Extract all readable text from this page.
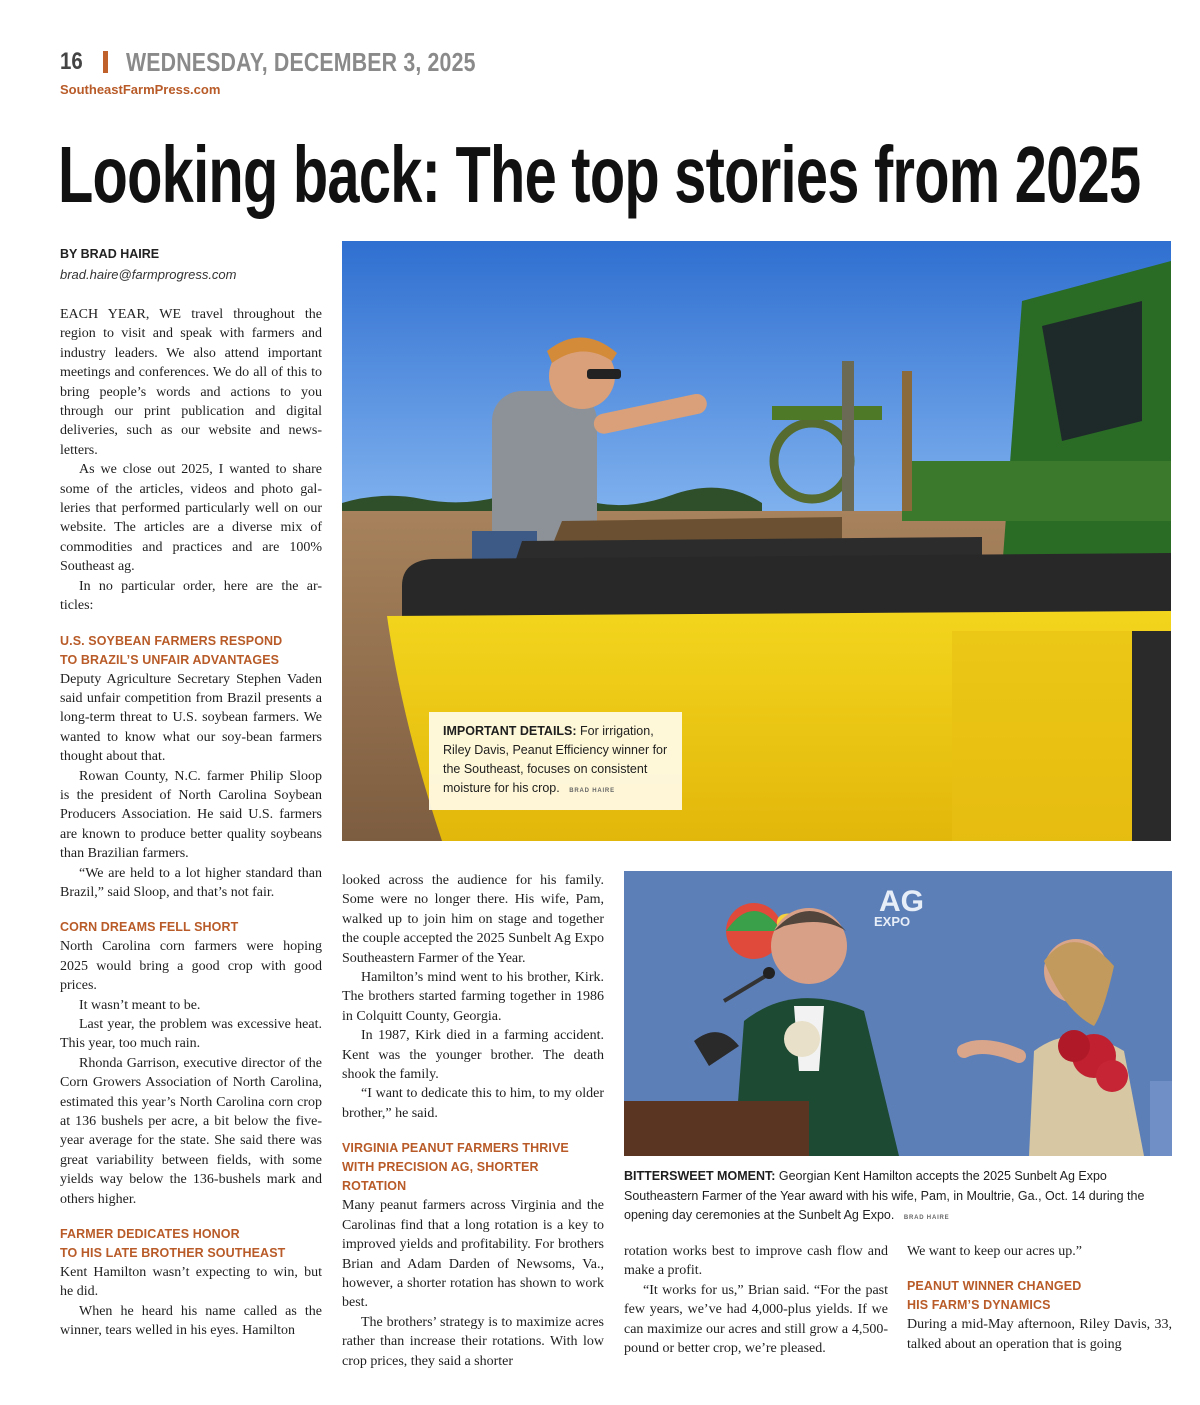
16 WEDNESDAY, DECEMBER 3, 2025
SoutheastFarmPress.com
Looking back: The top stories from 2025
BY BRAD HAIRE
brad.haire@farmprogress.com

EACH YEAR, WE travel throughout the region to visit and speak with farmers and industry leaders. We also attend important meetings and conferences. We do all of this to bring people’s words and actions to you through our print publication and digital deliveries, such as our website and news-letters.

As we close out 2025, I wanted to share some of the articles, videos and photo gal-leries that performed particularly well on our website. The articles are a diverse mix of commodities and practices and are 100% Southeast ag.

In no particular order, here are the ar-ticles:

U.S. SOYBEAN FARMERS RESPOND
TO BRAZIL’S UNFAIR ADVANTAGES

Deputy Agriculture Secretary Stephen Vaden said unfair competition from Brazil presents a long-term threat to U.S. soybean farmers. We wanted to know what our soy-bean farmers thought about that.

Rowan County, N.C. farmer Philip Sloop is the president of North Carolina Soybean Producers Association. He said U.S. farmers are known to produce better quality soybeans than Brazilian farmers.

“We are held to a lot higher standard than Brazil,” said Sloop, and that’s not fair.

CORN DREAMS FELL SHORT

North Carolina corn farmers were hoping 2025 would bring a good crop with good prices.

It wasn’t meant to be.

Last year, the problem was excessive heat. This year, too much rain.

Rhonda Garrison, executive director of the Corn Growers Association of North Carolina, estimated this year’s North Carolina corn crop at 136 bushels per acre, a bit below the five-year average for the state. She said there was great variability between fields, with some yields way below the 136-bushels mark and others higher.

FARMER DEDICATES HONOR
TO HIS LATE BROTHER SOUTHEAST

Kent Hamilton wasn’t expecting to win, but he did.

When he heard his name called as the winner, tears welled in his eyes. Hamilton

IMPORTANT DETAILS: For irrigation, Riley Davis, Peanut Efficiency winner for the Southeast, focuses on consistent moisture for his crop. BRAD HAIRE

looked across the audience for his family. Some were no longer there. His wife, Pam, walked up to join him on stage and together the couple accepted the 2025 Sunbelt Ag Expo Southeastern Farmer of the Year.

Hamilton’s mind went to his brother, Kirk. The brothers started farming together in 1986 in Colquitt County, Georgia.

In 1987, Kirk died in a farming accident. Kent was the younger brother. The death shook the family.

“I want to dedicate this to him, to my older brother,” he said.

VIRGINIA PEANUT FARMERS THRIVE
WITH PRECISION AG, SHORTER ROTATION

Many peanut farmers across Virginia and the Carolinas find that a long rotation is a key to improved yields and profitability. For brothers Brian and Adam Darden of Newsoms, Va., however, a shorter rotation has shown to work best.

The brothers’ strategy is to maximize acres rather than increase their rotations. With low crop prices, they said a shorter

AG
EXPO
BITTERSWEET MOMENT: Georgian Kent Hamilton accepts the 2025 Sunbelt Ag Expo Southeastern Farmer of the Year award with his wife, Pam, in Moultrie, Ga., Oct. 14 during the opening day ceremonies at the Sunbelt Ag Expo. BRAD HAIRE

rotation works best to improve cash flow and make a profit.

“It works for us,” Brian said. “For the past few years, we’ve had 4,000-plus yields. If we can maximize our acres and still grow a 4,500-pound or better crop, we’re pleased.

We want to keep our acres up.”

PEANUT WINNER CHANGED
HIS FARM’S DYNAMICS

During a mid-May afternoon, Riley Davis, 33, talked about an operation that is going
